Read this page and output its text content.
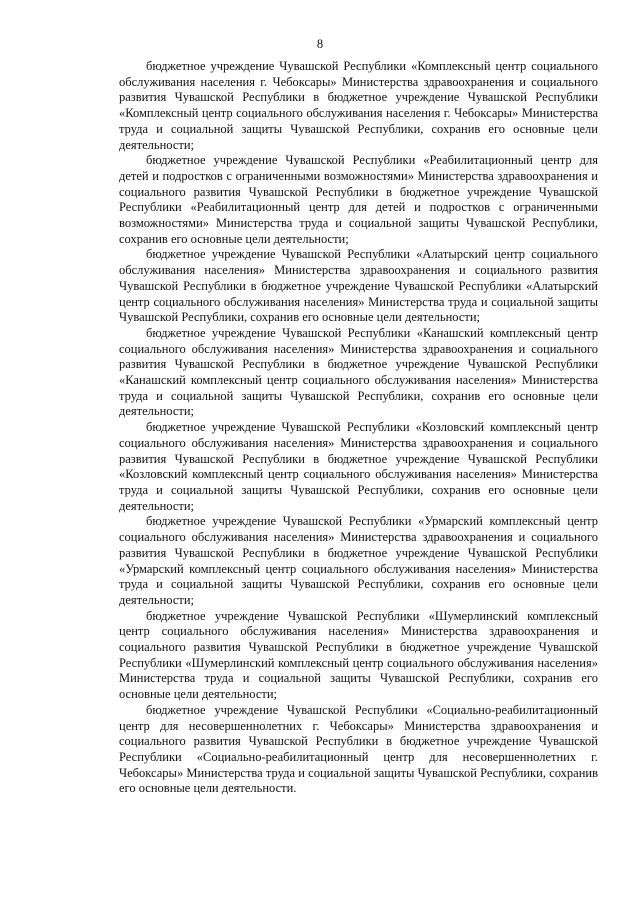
8

бюджетное учреждение Чувашской Республики «Комплексный центр социального обслуживания населения г. Чебоксары» Министерства здравоохранения и социального развития Чувашской Республики в бюджетное учреждение Чувашской Республики «Комплексный центр социального обслуживания населения г. Чебоксары» Министерства труда и социальной защиты Чувашской Республики, сохранив его основные цели деятельности;

бюджетное учреждение Чувашской Республики «Реабилитационный центр для детей и подростков с ограниченными возможностями» Министерства здравоохранения и социального развития Чувашской Республики в бюджетное учреждение Чувашской Республики «Реабилитационный центр для детей и подростков с ограниченными возможностями» Министерства труда и социальной защиты Чувашской Республики, сохранив его основные цели деятельности;

бюджетное учреждение Чувашской Республики «Алатырский центр социального обслуживания населения» Министерства здравоохранения и социального развития Чувашской Республики в бюджетное учреждение Чувашской Республики «Алатырский центр социального обслуживания населения» Министерства труда и социальной защиты Чувашской Республики, сохранив его основные цели деятельности;

бюджетное учреждение Чувашской Республики «Канашский комплексный центр социального обслуживания населения» Министерства здравоохранения и социального развития Чувашской Республики в бюджетное учреждение Чувашской Республики «Канашский комплексный центр социального обслуживания населения» Министерства труда и социальной защиты Чувашской Республики, сохранив его основные цели деятельности;

бюджетное учреждение Чувашской Республики «Козловский комплексный центр социального обслуживания населения» Министерства здравоохранения и социального развития Чувашской Республики в бюджетное учреждение Чувашской Республики «Козловский комплексный центр социального обслуживания населения» Министерства труда и социальной защиты Чувашской Республики, сохранив его основные цели деятельности;

бюджетное учреждение Чувашской Республики «Урмарский комплексный центр социального обслуживания населения» Министерства здравоохранения и социального развития Чувашской Республики в бюджетное учреждение Чувашской Республики «Урмарский комплексный центр социального обслуживания населения» Министерства труда и социальной защиты Чувашской Республики, сохранив его основные цели деятельности;

бюджетное учреждение Чувашской Республики «Шумерлинский комплексный центр социального обслуживания населения» Министерства здравоохранения и социального развития Чувашской Республики в бюджетное учреждение Чувашской Республики «Шумерлинский комплексный центр социального обслуживания населения» Министерства труда и социальной защиты Чувашской Республики, сохранив его основные цели деятельности;

бюджетное учреждение Чувашской Республики «Социально-реабилитационный центр для несовершеннолетних г. Чебоксары» Министерства здравоохранения и социального развития Чувашской Республики в бюджетное учреждение Чувашской Республики «Социально-реабилитационный центр для несовершеннолетних г. Чебоксары» Министерства труда и социальной защиты Чувашской Республики, сохранив его основные цели деятельности.
